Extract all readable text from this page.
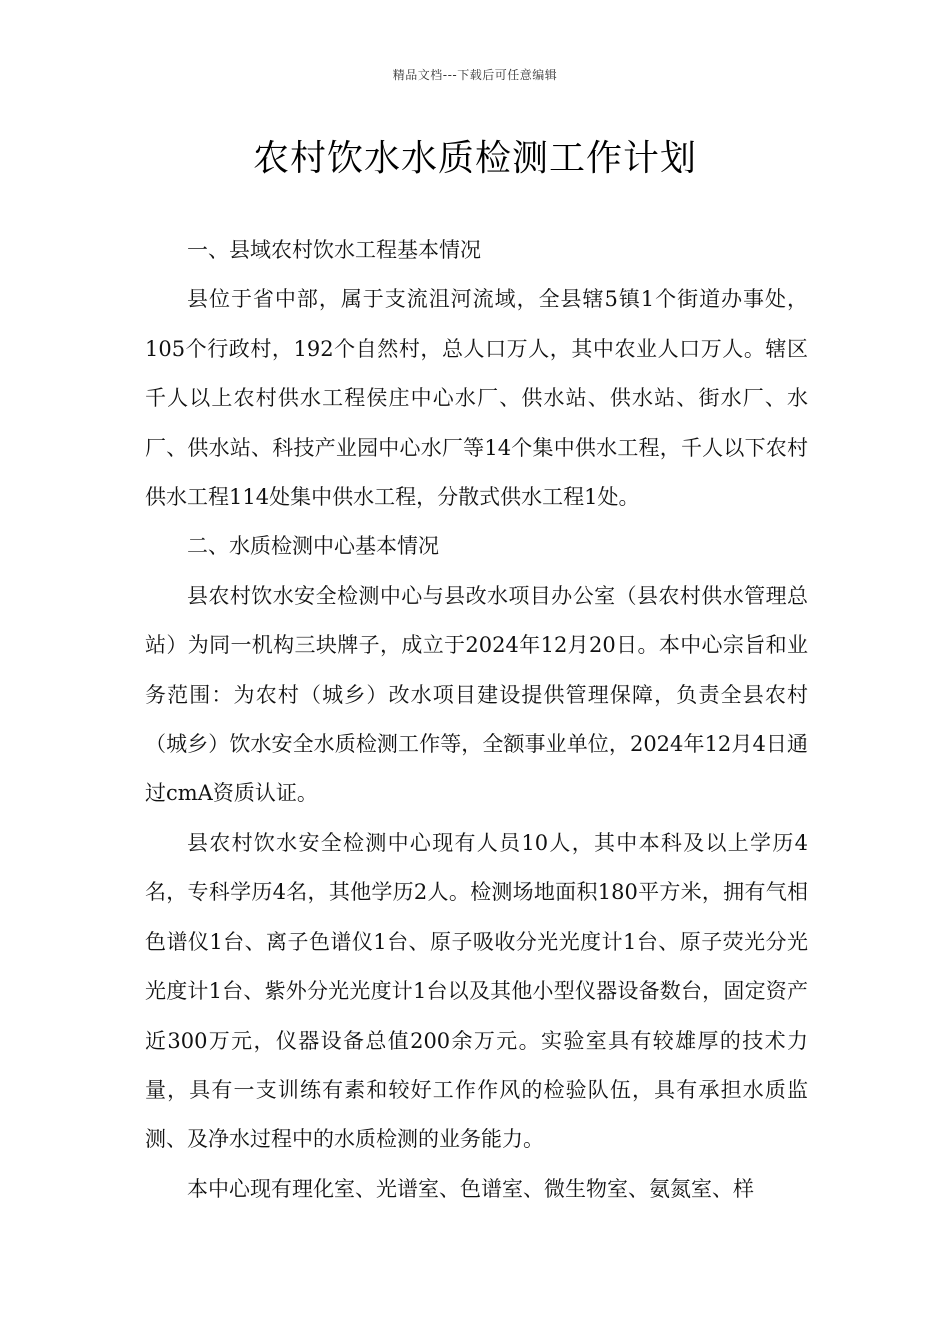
精品文档---下载后可任意编辑
农村饮水水质检测工作计划

一、县域农村饮水工程基本情况

县位于省中部，属于支流沮河流域，全县辖5镇1个街道办事处，105个行政村，192个自然村，总人口万人，其中农业人口万人。辖区千人以上农村供水工程侯庄中心水厂、供水站、供水站、街水厂、水厂、供水站、科技产业园中心水厂等14个集中供水工程，千人以下农村供水工程114处集中供水工程，分散式供水工程1处。

二、水质检测中心基本情况

县农村饮水安全检测中心与县改水项目办公室（县农村供水管理总站）为同一机构三块牌子，成立于2024年12月20日。本中心宗旨和业务范围：为农村（城乡）改水项目建设提供管理保障，负责全县农村（城乡）饮水安全水质检测工作等，全额事业单位，2024年12月4日通过cmA资质认证。

县农村饮水安全检测中心现有人员10人，其中本科及以上学历4名，专科学历4名，其他学历2人。检测场地面积180平方米，拥有气相色谱仪1台、离子色谱仪1台、原子吸收分光光度计1台、原子荧光分光光度计1台、紫外分光光度计1台以及其他小型仪器设备数台，固定资产近300万元，仪器设备总值200余万元。实验室具有较雄厚的技术力量，具有一支训练有素和较好工作作风的检验队伍，具有承担水质监测、及净水过程中的水质检测的业务能力。

本中心现有理化室、光谱室、色谱室、微生物室、氨氮室、样
